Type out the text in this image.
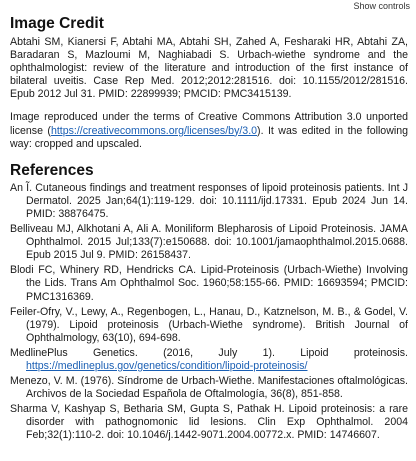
Show controls
Image Credit

Abtahi SM, Kianersi F, Abtahi MA, Abtahi SH, Zahed A, Fesharaki HR, Abtahi ZA, Baradaran S, Mazloumi M, Naghiabadi S. Urbach-wiethe syndrome and the ophthalmologist: review of the literature and introduction of the first instance of bilateral uveitis. Case Rep Med. 2012;2012:281516. doi: 10.1155/2012/281516. Epub 2012 Jul 31. PMID: 22899939; PMCID: PMC3415139.

Image reproduced under the terms of Creative Commons Attribution 3.0 unported license (https://creativecommons.org/licenses/by/3.0). It was edited in the following way: cropped and upscaled.

References

An Ĩ. Cutaneous findings and treatment responses of lipoid proteinosis patients. Int J Dermatol. 2025 Jan;64(1):119-129. doi: 10.1111/ijd.17331. Epub 2024 Jun 14. PMID: 38876475.

Belliveau MJ, Alkhotani A, Ali A. Moniliform Blepharosis of Lipoid Proteinosis. JAMA Ophthalmol. 2015 Jul;133(7):e150688. doi: 10.1001/jamaophthalmol.2015.0688. Epub 2015 Jul 9. PMID: 26158437.

Blodi FC, Whinery RD, Hendricks CA. Lipid-Proteinosis (Urbach-Wiethe) Involving the Lids. Trans Am Ophthalmol Soc. 1960;58:155-66. PMID: 16693594; PMCID: PMC1316369.

Feiler-Ofry, V., Lewy, A., Regenbogen, L., Hanau, D., Katznelson, M. B., & Godel, V. (1979). Lipoid proteinosis (Urbach-Wiethe syndrome). British Journal of Ophthalmology, 63(10), 694-698.

MedlinePlus Genetics. (2016, July 1). Lipoid proteinosis. https://medlineplus.gov/genetics/condition/lipoid-proteinosis/

Menezo, V. M. (1976). Síndrome de Urbach-Wiethe. Manifestaciones oftalmológicas. Archivos de la Sociedad Española de Oftalmología, 36(8), 851-858.

Sharma V, Kashyap S, Betharia SM, Gupta S, Pathak H. Lipoid proteinosis: a rare disorder with pathognomonic lid lesions. Clin Exp Ophthalmol. 2004 Feb;32(1):110-2. doi: 10.1046/j.1442-9071.2004.00772.x. PMID: 14746607.
